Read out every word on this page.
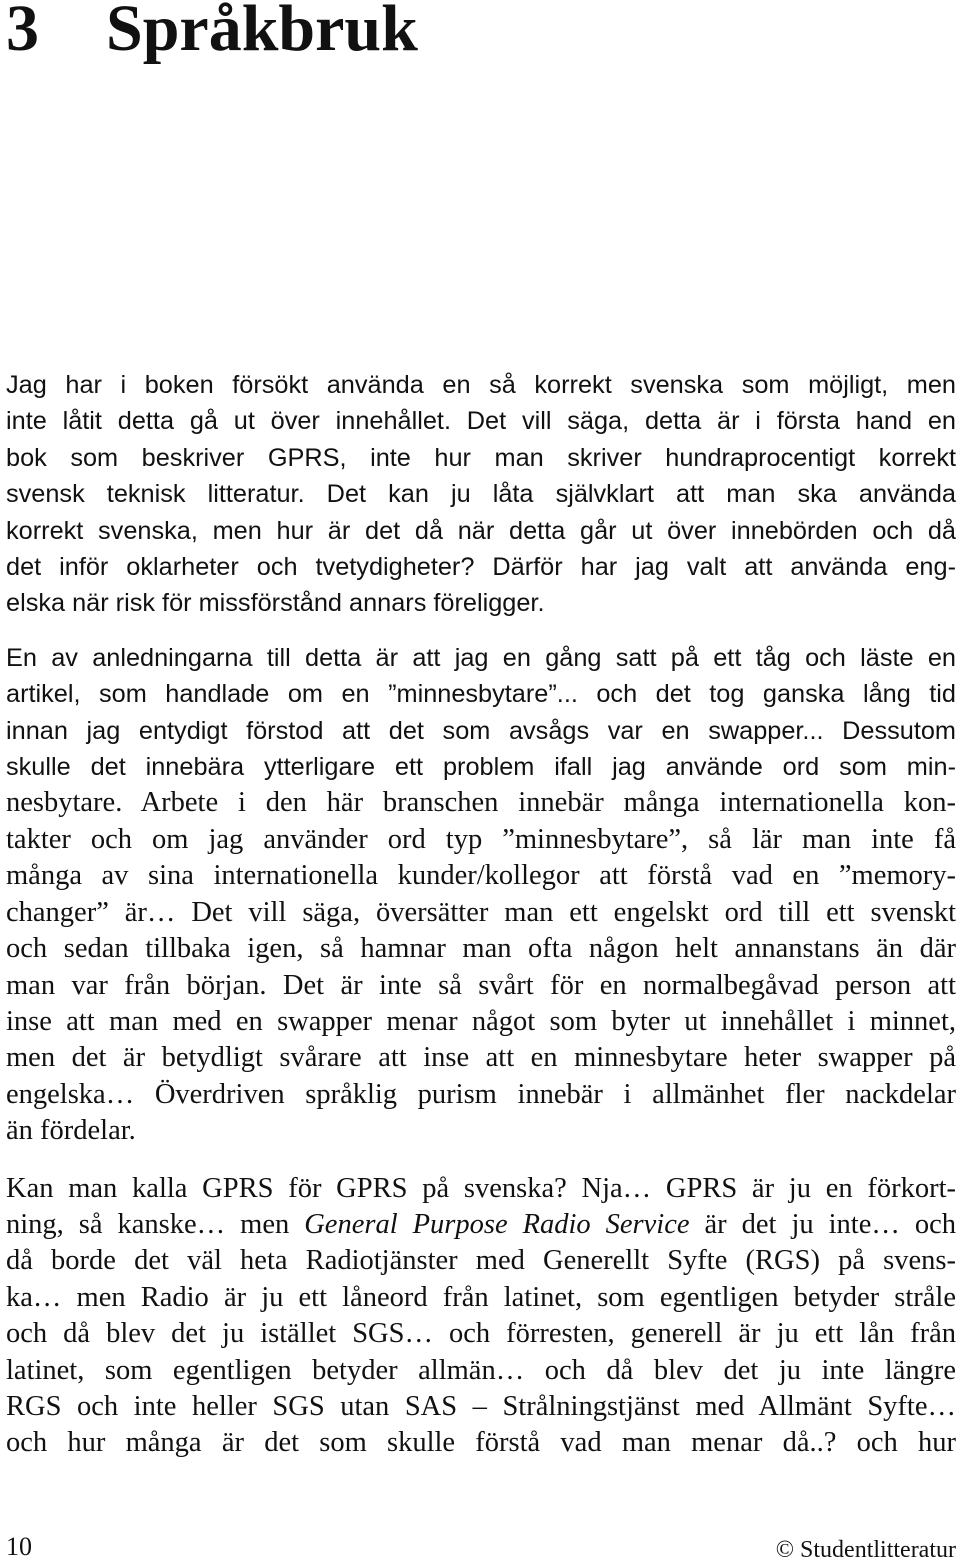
3 Språkbruk

Jag har i boken försökt använda en så korrekt svenska som möjligt, men
inte låtit detta gå ut över innehållet. Det vill säga, detta är i första hand en
bok som beskriver GPRS, inte hur man skriver hundraprocentigt korrekt
svensk teknisk litteratur. Det kan ju låta självklart att man ska använda
korrekt svenska, men hur är det då när detta går ut över innebörden och då
det inför oklarheter och tvetydigheter? Därför har jag valt att använda eng-
elska när risk för missförstånd annars föreligger.

En av anledningarna till detta är att jag en gång satt på ett tåg och läste en
artikel, som handlade om en ”minnesbytare”... och det tog ganska lång tid
innan jag entydigt förstod att det som avsågs var en swapper... Dessutom
skulle det innebära ytterligare ett problem ifall jag använde ord som min-

nesbytare. Arbete i den här branschen innebär många internationella kon-
takter och om jag använder ord typ ”minnesbytare”, så lär man inte få
många av sina internationella kunder/kollegor att förstå vad en ”memory-
changer” är… Det vill säga, översätter man ett engelskt ord till ett svenskt
och sedan tillbaka igen, så hamnar man ofta någon helt annanstans än där
man var från början. Det är inte så svårt för en normalbegåvad person att
inse att man med en swapper menar något som byter ut innehållet i minnet,
men det är betydligt svårare att inse att en minnesbytare heter swapper på
engelska… Överdriven språklig purism innebär i allmänhet fler nackdelar
än fördelar.

Kan man kalla GPRS för GPRS på svenska? Nja… GPRS är ju en förkort-
ning, så kanske… men General Purpose Radio Service är det ju inte… och
då borde det väl heta Radiotjänster med Generellt Syfte (RGS) på svens-
ka… men Radio är ju ett låneord från latinet, som egentligen betyder stråle
och då blev det ju istället SGS… och förresten, generell är ju ett lån från
latinet, som egentligen betyder allmän… och då blev det ju inte längre
RGS och inte heller SGS utan SAS – Strålningstjänst med Allmänt Syfte…
och hur många är det som skulle förstå vad man menar då..? och hur

10	© Studentlitteratur
